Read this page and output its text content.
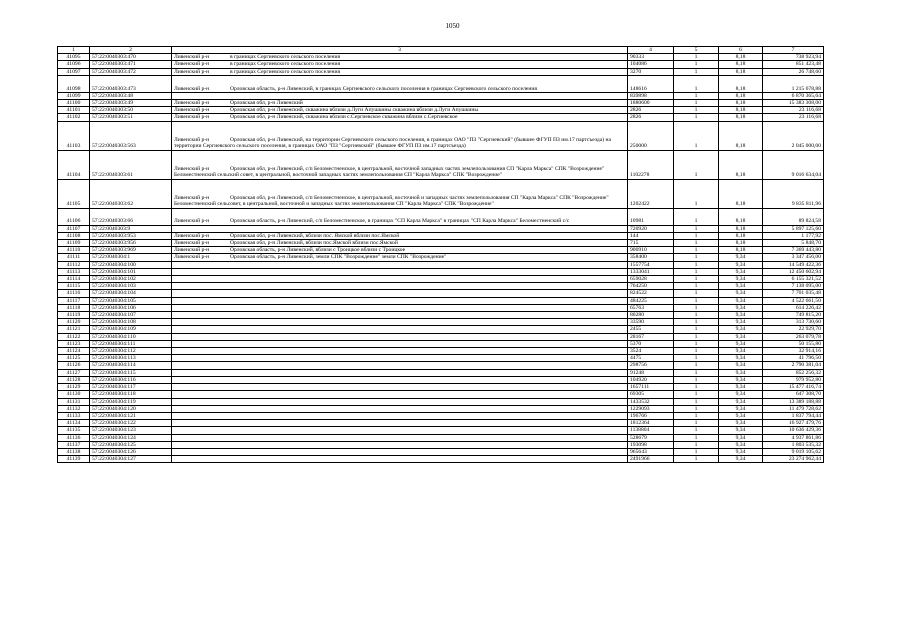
1050
1	2	3	4	5	6	7
41095	57:22:0040303:470	Ливенский р-н в границах Сергиевского сельского поселения	90333	1	8,18	738 923,94
41096	57:22:0040303:471	Ливенский р-н в границах Сергиевского сельского поселения	104086	1	8,18	851 423,48
41097	57:22:0040303:472	Ливенский р-н в границах Сергиевского сельского поселения	3270	1	8,18	26 748,60
41098	57:22:0040303:473	Ливенский р-н Орловская область, р-н Ливенский, в границах Сергиевского сельского поселения в границах Сергиевского сельского поселения	148616	1	8,18	1 215 678,88
41099	57:22:0040303:48		839898	1	8,18	6 870 365,64
41100	57:22:0040303:49	Ливенский р-н Орловская обл, р-н Ливенский	1880600	1	8,18	15 383 308,00
41101	57:22:0040303:50	Ливенский р-н Орловская обл, р-н Ливенский, скважина вблизи д.Луги Апушкины скважина вблизи д.Луги Апушкины	2826	1	8,18	23 116,68
41102	57:22:0040303:51	Ливенский р-н Орловская обл, р-н Ливенский, скважина вблизи с.Сергиевское скважина вблизи с.Сергиевское	2826	1	8,18	23 116,68
41103	57:22:0040303:563	Ливенский р-н Орловская обл, р-н Ливенский, на территории Сергиевского сельского поселения, в границах ОАО "ПЗ "Сергиевский" (бывшее ФГУП ПЗ им.17 партсъезда) на территории Сергиевского сельского поселения, в границах ОАО "ПЗ "Сергиевский" (бывшее ФГУП ПЗ им.17 партсъезда)	250000	1	8,18	2 045 000,00
41104	57:22:0040303:61	Ливенский р-н Орловская обл, р-н Ливенский, с/п Беломестненское, в центральной, восточной западных частях землепользования СП "Карла Маркса" СПК "Возрождение" Беломестненский сельский совет, в центральной, восточной западных частях землепользования СП "Карла Маркса" СПК "Возрождение"	1102278	1	8,18	9 016 634,04
41105	57:22:0040303:62	Ливенский р-н Орловская обл, р-н Ливенский, с/п Беломестненское, в центральной, восточной и западных частях землепользования СП "Карла Маркса" СПК "Возрождение" Беломестненский сельсовет, в центральной, восточной и западных частях землепользования СП "Карла Маркса" СПК "Возрождение"	1202422	1	8,18	9 835 811,96
41106	57:22:0040303:66	Ливенский р-н Орловская область, р-н Ливенский, с/п Беломестненское, в границах "СП Карла Маркса" в границах "СП Карла Маркса" Беломестненский с/с	10981	1	8,18	89 824,58
41107	57:22:0040303:9		720920	1	8,18	5 897 125,60
41108	57:22:0040303:953	Ливенский р-н Орловская обл, р-н Ливенский, вблизи пос. Ямской вблизи пос.Ямской	144	1	8,18	1 177,92
41109	57:22:0040303:956	Ливенский р-н Орловская обл, р-н Ливенский, вблизи пос.Ямской вблизи пос.Ямской	715	1	8,18	5 848,70
41110	57:22:0040303:969	Ливенский р-н Орловская область, р-н Ливенский, вблизи с Троицкое вблизи с Троицкое	900910	1	8,18	7 369 443,80
41111	57:22:0040304:1	Ливенский р-н Орловская область, р-н Ливенский, земли СПК "Возрождение" земли СПК "Возрождение"	358400	1	9,34	3 347 456,00
41112	57:22:0040304:100		1557754	1	9,34	14 549 422,36
41113	57:22:0040304:101		1333041	1	9,34	12 450 602,94
41114	57:22:0040304:102		659028	1	9,34	6 155 321,52
41115	57:22:0040304:103		764250	1	9,34	7 138 095,00
41116	57:22:0040304:104		824522	1	9,34	7 701 035,48
41117	57:22:0040304:105		484225	1	9,34	4 522 661,50
41118	57:22:0040304:106		65763	1	9,34	614 226,42
41119	57:22:0040304:107		80280	1	9,34	749 815,20
41120	57:22:0040304:108		33590	1	9,34	313 730,60
41121	57:22:0040304:109		2455	1	9,34	22 929,70
41122	57:22:0040304:110		28167	1	9,34	263 079,78
41123	57:22:0040304:111		5370	1	9,34	50 155,80
41124	57:22:0040304:112		3524	1	9,34	32 914,16
41125	57:22:0040304:113		4475	1	9,34	41 796,50
41126	57:22:0040304:114		298756	1	9,34	2 790 381,04
41127	57:22:0040304:115		91248	1	9,34	852 256,32
41128	57:22:0040304:116		104920	1	9,34	979 952,80
41129	57:22:0040304:117		1657111	1	9,34	15 477 416,74
41130	57:22:0040304:118		69305	1	9,34	647 308,70
41131	57:22:0040304:119		1433532	1	9,34	13 389 188,88
41132	57:22:0040304:120		1229093	1	9,34	11 479 728,62
41133	57:22:0040304:121		196766	1	9,34	1 837 794,44
41134	57:22:0040304:122		1812364	1	9,34	16 927 479,76
41135	57:22:0040304:123		1138804	1	9,34	10 636 429,36
41136	57:22:0040304:124		528679	1	9,34	4 937 861,86
41137	57:22:0040304:125		193098	1	9,34	1 803 535,32
41138	57:22:0040304:126		965643	1	9,34	9 019 105,62
41139	57:22:0040304:127		2491966	1	9,34	23 274 962,44
